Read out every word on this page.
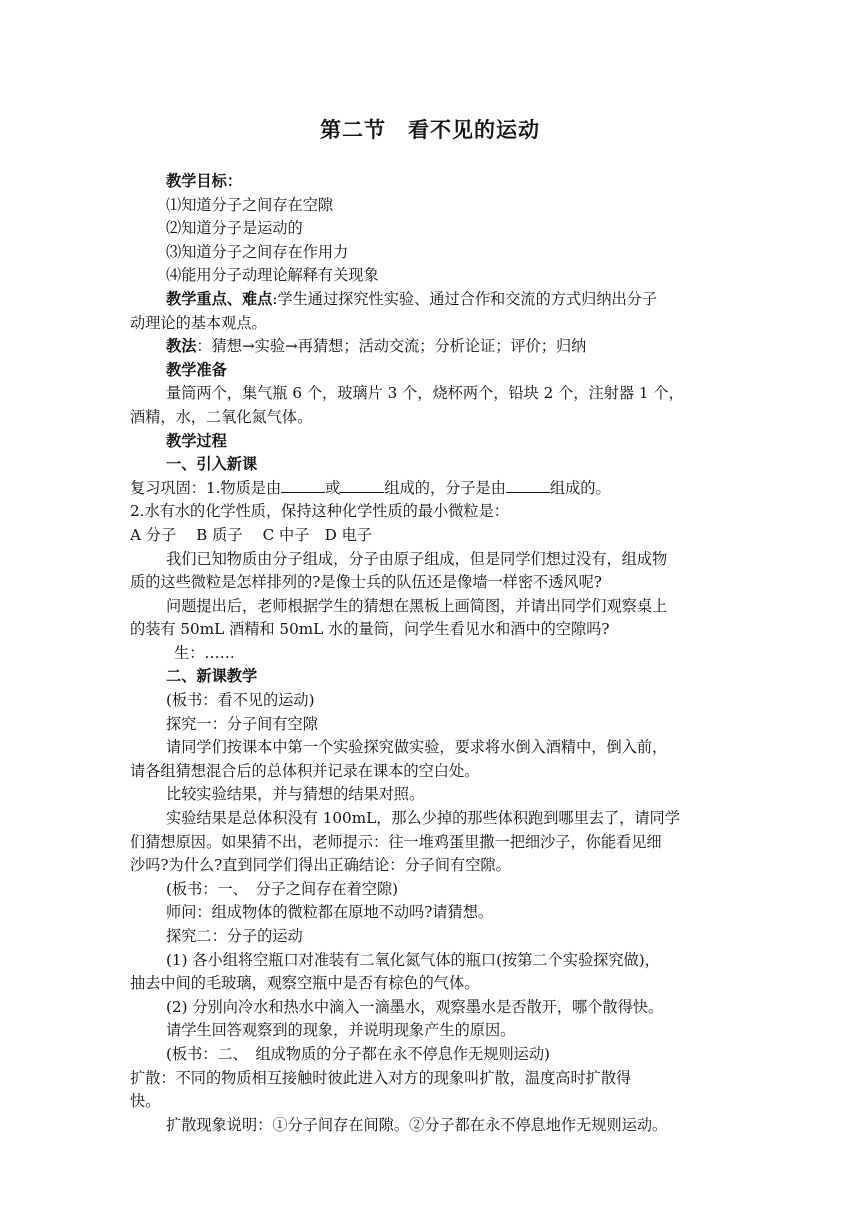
第二节　看不见的运动
教学目标：
⑴知道分子之间存在空隙
⑵知道分子是运动的
⑶知道分子之间存在作用力
⑷能用分子动理论解释有关现象
教学重点、难点:学生通过探究性实验、通过合作和交流的方式归纳出分子
动理论的基本观点。
教法：猜想→实验→再猜想；活动交流；分析论证；评价；归纳
教学准备
量筒两个，集气瓶 6 个，玻璃片 3 个，烧杯两个，铅块 2 个，注射器 1 个，
酒精，水，二氧化氮气体。
教学过程
一、引入新课
复习巩固：1.物质是由	或	组成的，分子是由	组成的。
2.水有水的化学性质，保持这种化学性质的最小微粒是：
A 分子　 B 质子　 C 中子　D 电子
我们已知物质由分子组成，分子由原子组成，但是同学们想过没有，组成物
质的这些微粒是怎样排列的?是像士兵的队伍还是像墙一样密不透风呢?
问题提出后，老师根据学生的猜想在黑板上画简图，并请出同学们观察桌上
的装有 50mL 酒精和 50mL 水的量筒，问学生看见水和酒中的空隙吗?
生：……
二、新课教学
(板书：看不见的运动)
探究一：分子间有空隙
请同学们按课本中第一个实验探究做实验，要求将水倒入酒精中，倒入前，
请各组猜想混合后的总体积并记录在课本的空白处。
比较实验结果，并与猜想的结果对照。
实验结果是总体积没有 100mL，那么少掉的那些体积跑到哪里去了，请同学
们猜想原因。如果猜不出，老师提示：往一堆鸡蛋里撒一把细沙子，你能看见细
沙吗?为什么?直到同学们得出正确结论：分子间有空隙。
(板书：一、　分子之间存在着空隙)
师问：组成物体的微粒都在原地不动吗?请猜想。
探究二：分子的运动
(1) 各小组将空瓶口对准装有二氧化氮气体的瓶口(按第二个实验探究做)，
抽去中间的毛玻璃，观察空瓶中是否有棕色的气体。
(2) 分别向冷水和热水中滴入一滴墨水，观察墨水是否散开，哪个散得快。
请学生回答观察到的现象，并说明现象产生的原因。
(板书：二、　组成物质的分子都在永不停息作无规则运动)
扩散：不同的物质相互接触时彼此进入对方的现象叫扩散，温度高时扩散得
快。
扩散现象说明：①分子间存在间隙。②分子都在永不停息地作无规则运动。
